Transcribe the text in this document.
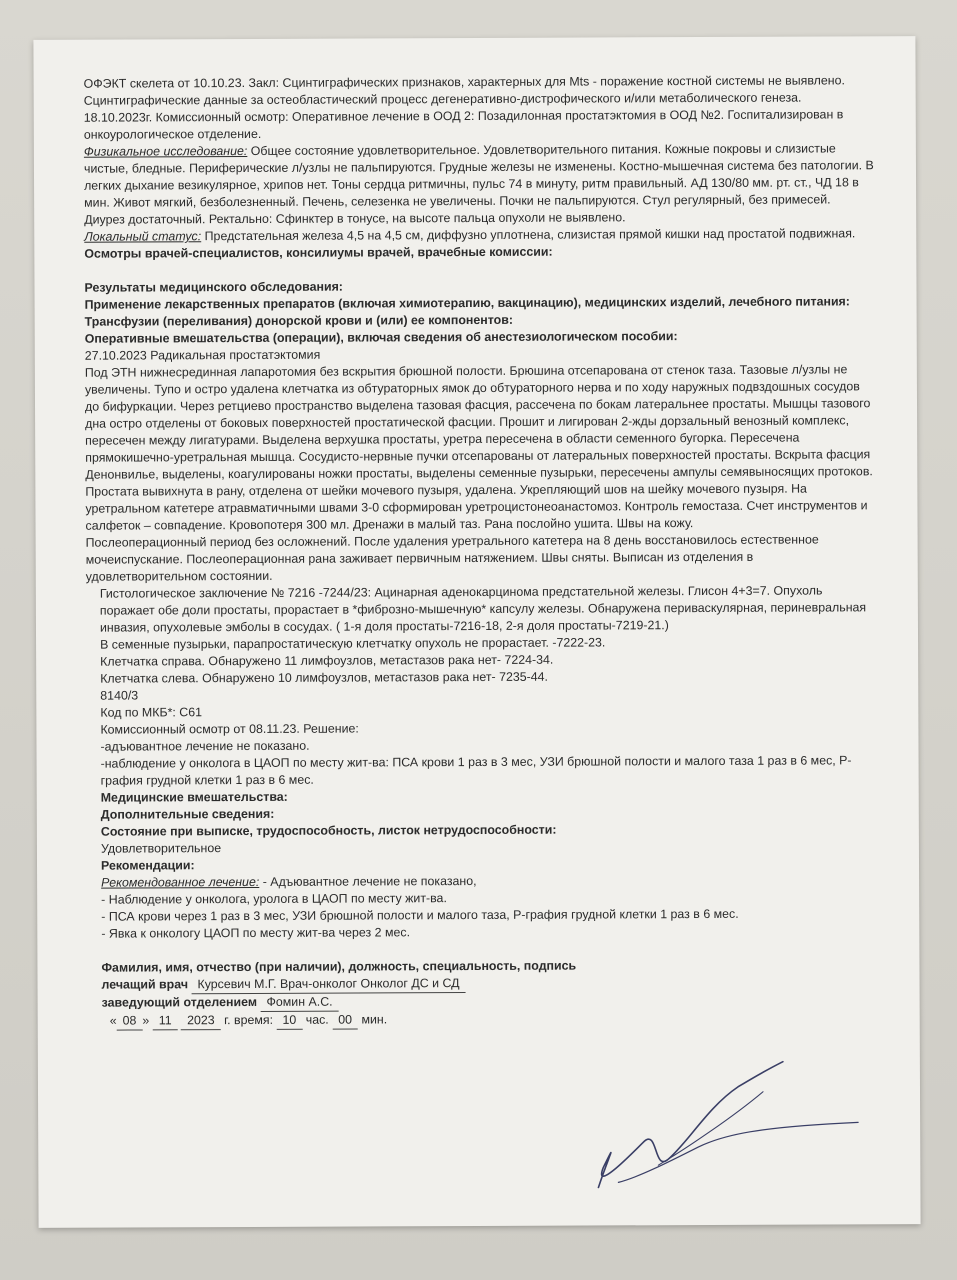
ОФЭКТ скелета от 10.10.23. Закл: Сцинтиграфических признаков, характерных для Mts - поражение костной системы не выявлено. Сцинтиграфические данные за остеобластический процесс дегенеративно-дистрофического и/или метаболического генеза.

18.10.2023г. Комиссионный осмотр: Оперативное лечение в ООД 2: Позадилонная простатэктомия в ООД №2. Госпитализирован в онкоурологическое отделение.

Физикальное исследование: Общее состояние удовлетворительное. Удовлетворительного питания. Кожные покровы и слизистые чистые, бледные. Периферические л/узлы не пальпируются. Грудные железы не изменены. Костно-мышечная система без патологии. В легких дыхание везикулярное, хрипов нет. Тоны сердца ритмичны, пульс 74 в минуту, ритм правильный. АД 130/80 мм. рт. ст., ЧД 18 в мин. Живот мягкий, безболезненный. Печень, селезенка не увеличены. Почки не пальпируются. Стул регулярный, без примесей. Диурез достаточный. Ректально: Сфинктер в тонусе, на высоте пальца опухоли не выявлено.

Локальный статус: Предстательная железа 4,5 на 4,5 см, диффузно уплотнена, слизистая прямой кишки над простатой подвижная.

Осмотры врачей-специалистов, консилиумы врачей, врачебные комиссии:

Результаты медицинского обследования:

Применение лекарственных препаратов (включая химиотерапию, вакцинацию), медицинских изделий, лечебного питания:

Трансфузии (переливания) донорской крови и (или) ее компонентов:

Оперативные вмешательства (операции), включая сведения об анестезиологическом пособии:

27.10.2023 Радикальная простатэктомия

Под ЭТН нижнесрединная лапаротомия без вскрытия брюшной полости. Брюшина отсепарована от стенок таза. Тазовые л/узлы не увеличены. Тупо и остро удалена клетчатка из обтураторных ямок до обтураторного нерва и по ходу наружных подвздошных сосудов до бифуркации. Через ретциево пространство выделена тазовая фасция, рассечена по бокам латеральнее простаты. Мышцы тазового дна остро отделены от боковых поверхностей простатической фасции. Прошит и лигирован 2-жды дорзальный венозный комплекс, пересечен между лигатурами. Выделена верхушка простаты, уретра пересечена в области семенного бугорка. Пересечена прямокишечно-уретральная мышца. Сосудисто-нервные пучки отсепарованы от латеральных поверхностей простаты. Вскрыта фасция Денонвилье, выделены, коагулированы ножки простаты, выделены семенные пузырьки, пересечены ампулы семявыносящих протоков. Простата вывихнута в рану, отделена от шейки мочевого пузыря, удалена. Укрепляющий шов на шейку мочевого пузыря. На уретральном катетере атравматичными швами 3-0 сформирован уретроцистонеоанастомоз. Контроль гемостаза. Счет инструментов и салфеток – совпадение. Кровопотеря 300 мл. Дренажи в малый таз. Рана послойно ушита. Швы на кожу.

Послеоперационный период без осложнений. После удаления уретрального катетера на 8 день восстановилось естественное мочеиспускание. Послеоперационная рана заживает первичным натяжением. Швы сняты. Выписан из отделения в удовлетворительном состоянии.

Гистологическое заключение № 7216 -7244/23: Ацинарная аденокарцинома предстательной железы. Глисон 4+3=7. Опухоль поражает обе доли простаты, прорастает в *фиброзно-мышечную* капсулу железы. Обнаружена периваскулярная, периневральная инвазия, опухолевые эмболы в сосудах. ( 1-я доля простаты-7216-18, 2-я доля простаты-7219-21.)

В семенные пузырьки, парапростатическую клетчатку опухоль не прорастает. -7222-23.

Клетчатка справа. Обнаружено 11 лимфоузлов, метастазов рака нет- 7224-34.

Клетчатка слева. Обнаружено 10 лимфоузлов, метастазов рака нет- 7235-44.

8140/3

Код по МКБ*: С61

Комиссионный осмотр от 08.11.23. Решение:

-адъювантное лечение не показано.

-наблюдение у онколога в ЦАОП по месту жит-ва: ПСА крови 1 раз в 3 мес, УЗИ брюшной полости и малого таза 1 раз в 6 мес, Р-графия грудной клетки 1 раз в 6 мес.

Медицинские вмешательства:

Дополнительные сведения:

Состояние при выписке, трудоспособность, листок нетрудоспособности:

Удовлетворительное

Рекомендации:

Рекомендованное лечение: - Адъювантное лечение не показано,

- Наблюдение у онколога, уролога в ЦАОП по месту жит-ва.

- ПСА крови через 1 раз в 3 мес, УЗИ брюшной полости и малого таза, Р-графия грудной клетки 1 раз в 6 мес.

- Явка к онкологу ЦАОП по месту жит-ва через 2 мес.

Фамилия, имя, отчество (при наличии), должность, специальность, подпись

лечащий врач Курсевич М.Г. Врач-онколог Онколог ДС и СД

заведующий отделением Фомин А.С.

« 08 » 11 2023 г. время: 10 час. 00 мин.
